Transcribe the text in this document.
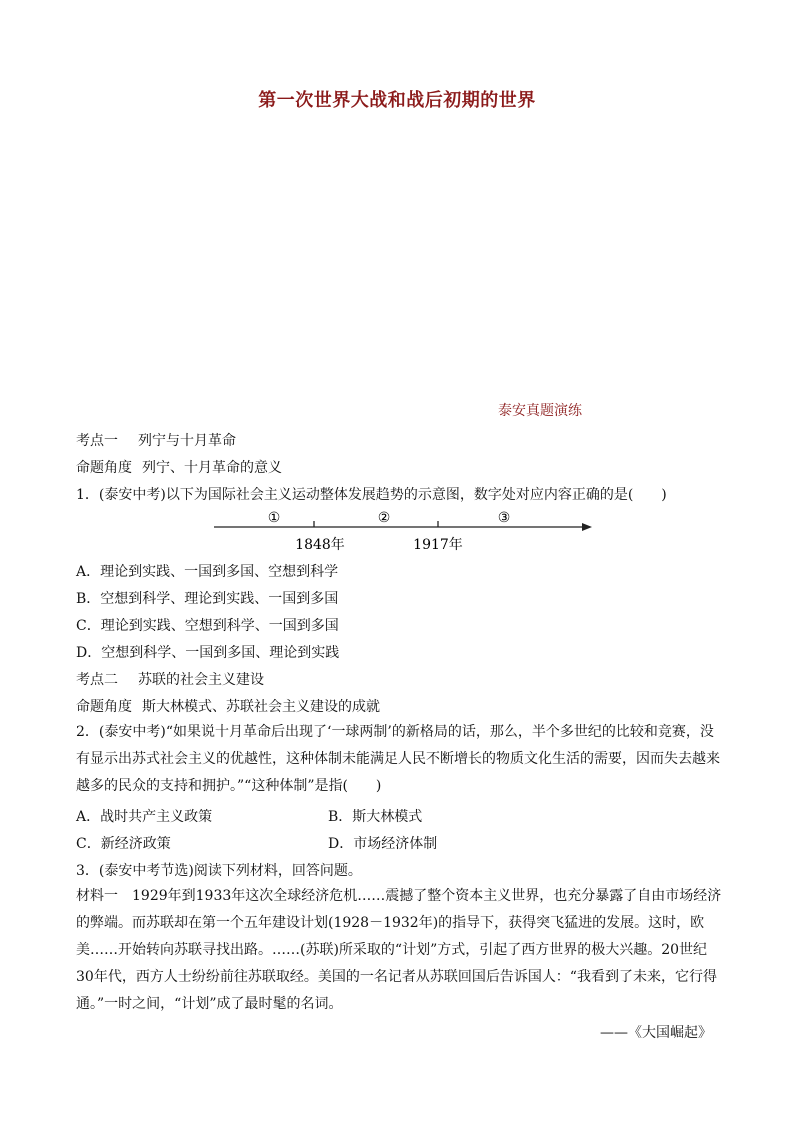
第一次世界大战和战后初期的世界
泰安真题演练
考点一 列宁与十月革命
命题角度 列宁、十月革命的意义
1．(泰安中考)以下为国际社会主义运动整体发展趋势的示意图，数字处对应内容正确的是(　　)
①	②	③
1848年	1917年
A．理论到实践、一国到多国、空想到科学
B．空想到科学、理论到实践、一国到多国
C．理论到实践、空想到科学、一国到多国
D．空想到科学、一国到多国、理论到实践
考点二 苏联的社会主义建设
命题角度 斯大林模式、苏联社会主义建设的成就
2．(泰安中考)“如果说十月革命后出现了‘一球两制’的新格局的话，那么，半个多世纪的比较和竞赛，没有显示出苏式社会主义的优越性，这种体制未能满足人民不断增长的物质文化生活的需要，因而失去越来越多的民众的支持和拥护。”“这种体制”是指(　　)
A．战时共产主义政策	B．斯大林模式
C．新经济政策	D．市场经济体制
3．(泰安中考节选)阅读下列材料，回答问题。
材料一　1929年到1933年这次全球经济危机……震撼了整个资本主义世界，也充分暴露了自由市场经济的弊端。而苏联却在第一个五年建设计划(1928－1932年)的指导下，获得突飞猛进的发展。这时，欧美……开始转向苏联寻找出路。……(苏联)所采取的“计划”方式，引起了西方世界的极大兴趣。20世纪30年代，西方人士纷纷前往苏联取经。美国的一名记者从苏联回国后告诉国人：“我看到了未来，它行得通。”一时之间，“计划”成了最时髦的名词。
——《大国崛起》
